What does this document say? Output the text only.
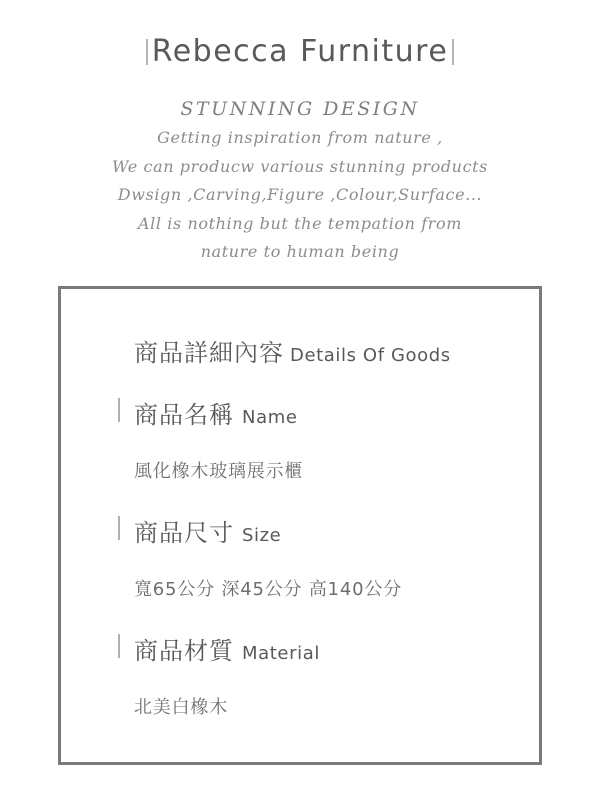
Rebecca Furniture
STUNNING DESIGN
Getting inspiration from nature ,
We can producw various stunning products
Dwsign ,Carving,Figure ,Colour,Surface...
All is nothing but the tempation from
nature to human being
商品詳細內容 Details Of Goods
商品名稱 Name
風化橡木玻璃展示櫃
商品尺寸 Size
寬65公分 深45公分 高140公分
商品材質 Material
北美白橡木
